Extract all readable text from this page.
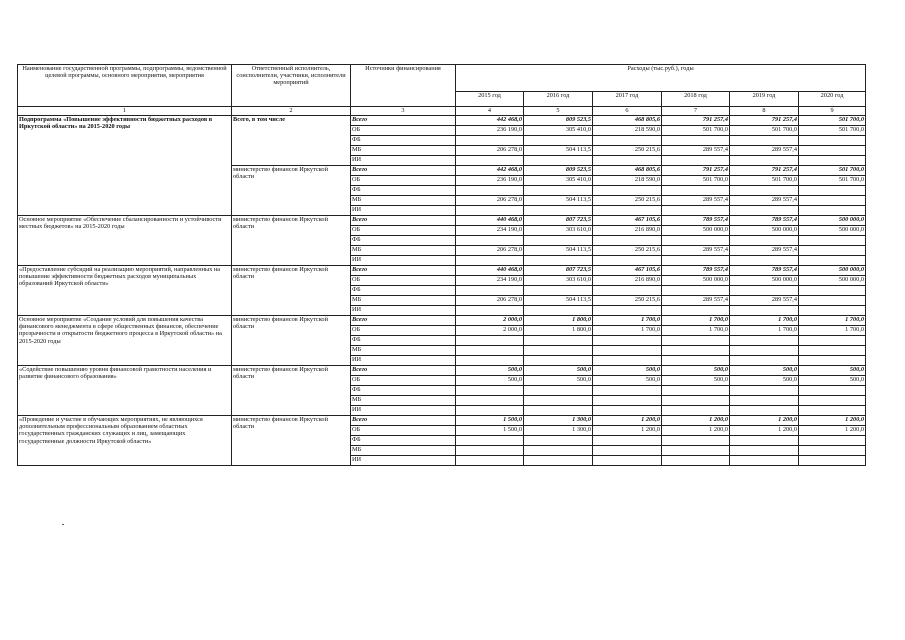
Наименование государственной программы, подпрограммы, ведомственной целевой программы, основного мероприятия, мероприятия	Ответственный исполнитель, соисполнители, участники, исполнители мероприятий	Источники финансирования	Расходы (тыс.руб.), годы					
			2015 год	2016 год	2017 год	2018 год	2019 год	2020 год
1	2	3	4	5	6	7	8	9
Подпрограмма «Повышение эффективности бюджетных расходов в Иркутской области» на 2015-2020 годы	Всего, в том числе	Всего	442 468,0	809 523,5	468 805,6	791 257,4	791 257,4	501 700,0
		ОБ	236 190,0	305 410,0	218 590,0	501 700,0	501 700,0	501 700,0
		ФБ						
		МБ	206 278,0	504 113,5	250 215,6	289 557,4	289 557,4	
		ИИ						
	министерство финансов Иркутской области	Всего	442 468,0	809 523,5	468 805,6	791 257,4	791 257,4	501 700,0
		ОБ	236 190,0	305 410,0	218 590,0	501 700,0	501 700,0	501 700,0
		ФБ						
		МБ	206 278,0	504 113,5	250 215,6	289 557,4	289 557,4	
		ИИ						
Основное мероприятие «Обеспечение сбалансированности и устойчивости местных бюджетов» на 2015-2020 годы	министерство финансов Иркутской области	Всего	440 468,0	807 723,5	467 105,6	789 557,4	789 557,4	500 000,0
		ОБ	234 190,0	303 610,0	216 890,0	500 000,0	500 000,0	500 000,0
		ФБ						
		МБ	206 278,0	504 113,5	250 215,6	289 557,4	289 557,4	
		ИИ						
«Предоставление субсидий на реализацию мероприятий, направленных на повышение эффективности бюджетных расходов муниципальных образований Иркутской области»	министерство финансов Иркутской области	Всего	440 468,0	807 723,5	467 105,6	789 557,4	789 557,4	500 000,0
		ОБ	234 190,0	303 610,0	216 890,0	500 000,0	500 000,0	500 000,0
		ФБ						
		МБ	206 278,0	504 113,5	250 215,6	289 557,4	289 557,4	
		ИИ						
Основное мероприятие «Создание условий для повышения качества финансового менеджмента в сфере общественных финансов, обеспечение прозрачности и открытости бюджетного процесса в Иркутской области» на 2015-2020 годы	министерство финансов Иркутской области	Всего	2 000,0	1 800,0	1 700,0	1 700,0	1 700,0	1 700,0
		ОБ	2 000,0	1 800,0	1 700,0	1 700,0	1 700,0	1 700,0
		ФБ						
		МБ						
		ИИ						
«Содействие повышению уровня финансовой грамотности населения и развитие финансового образования»	министерство финансов Иркутской области	Всего	500,0	500,0	500,0	500,0	500,0	500,0
		ОБ	500,0	500,0	500,0	500,0	500,0	500,0
		ФБ						
		МБ						
		ИИ						
«Проведение и участие в обучающих мероприятиях, не являющихся дополнительным профессиональным образованием областных государственных гражданских служащих и лиц, замещающих государственные должности Иркутской области»	министерство финансов Иркутской области	Всего	1 500,0	1 300,0	1 200,0	1 200,0	1 200,0	1 200,0
		ОБ	1 500,0	1 300,0	1 200,0	1 200,0	1 200,0	1 200,0
		ФБ						
		МБ						
		ИИ						
